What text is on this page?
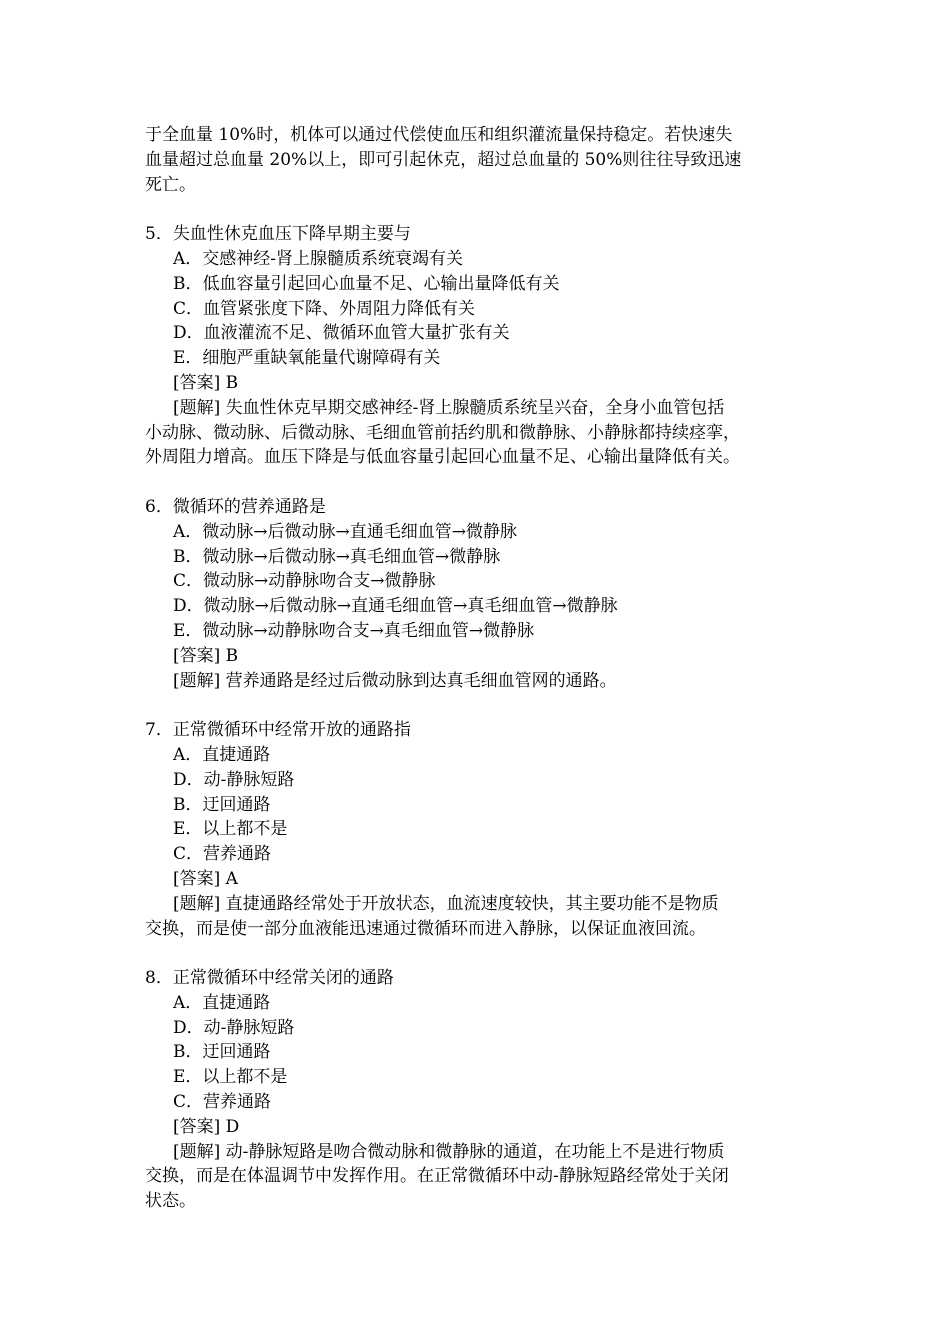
于全血量 10%时，机体可以通过代偿使血压和组织灌流量保持稳定。若快速失
血量超过总血量 20%以上，即可引起休克，超过总血量的 50%则往往导致迅速
死亡。
5．失血性休克血压下降早期主要与
A．交感神经-肾上腺髓质系统衰竭有关
B．低血容量引起回心血量不足、心输出量降低有关
C．血管紧张度下降、外周阻力降低有关
D．血液灌流不足、微循环血管大量扩张有关
E．细胞严重缺氧能量代谢障碍有关
[答案] B
[题解] 失血性休克早期交感神经-肾上腺髓质系统呈兴奋，全身小血管包括
小动脉、微动脉、后微动脉、毛细血管前括约肌和微静脉、小静脉都持续痉挛，
外周阻力增高。血压下降是与低血容量引起回心血量不足、心输出量降低有关。
6．微循环的营养通路是
A．微动脉→后微动脉→直通毛细血管→微静脉
B．微动脉→后微动脉→真毛细血管→微静脉
C．微动脉→动静脉吻合支→微静脉
D．微动脉→后微动脉→直通毛细血管→真毛细血管→微静脉
E．微动脉→动静脉吻合支→真毛细血管→微静脉
[答案] B
[题解] 营养通路是经过后微动脉到达真毛细血管网的通路。
7．正常微循环中经常开放的通路指
A．直捷通路
D．动-静脉短路
B．迂回通路
E．以上都不是
C．营养通路
[答案] A
[题解] 直捷通路经常处于开放状态，血流速度较快，其主要功能不是物质
交换，而是使一部分血液能迅速通过微循环而进入静脉，以保证血液回流。
8．正常微循环中经常关闭的通路
A．直捷通路
D．动-静脉短路
B．迂回通路
E．以上都不是
C．营养通路
[答案] D
[题解] 动-静脉短路是吻合微动脉和微静脉的通道，在功能上不是进行物质
交换，而是在体温调节中发挥作用。在正常微循环中动-静脉短路经常处于关闭
状态。
